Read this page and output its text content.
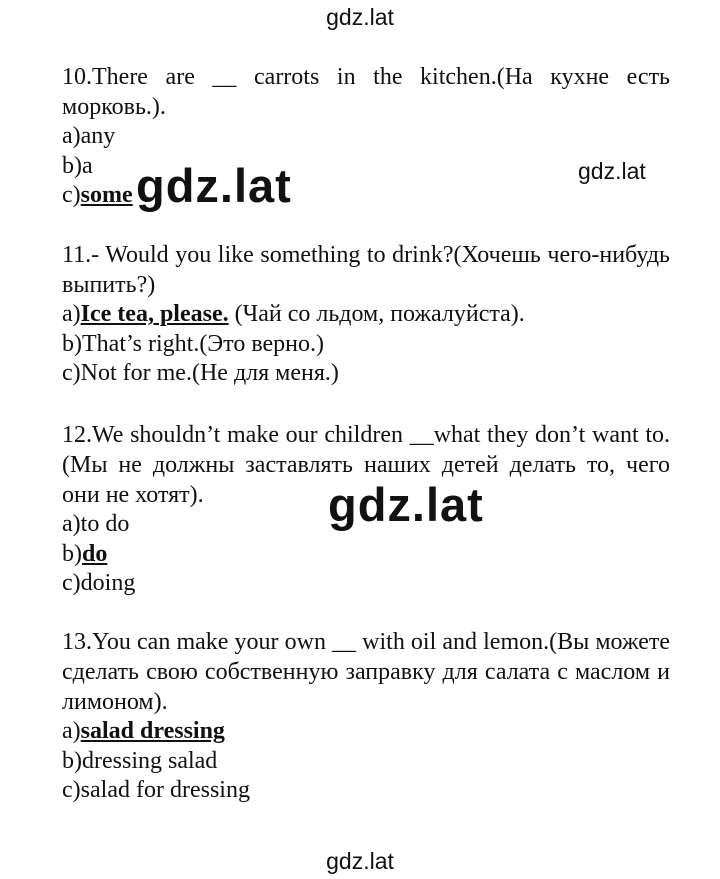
gdz.lat

10.There are __ carrots in the kitchen.(На кухне есть морковь.).

a)any

b)a

c)some

gdz.lat
gdz.lat

11.- Would you like something to drink?(Хочешь чего-нибудь выпить?)

a)Ice tea, please. (Чай со льдом, пожалуйста).

b)That’s right.(Это верно.)

c)Not for me.(Не для меня.)

12.We shouldn’t make our children __what they don’t want to.(Мы не должны заставлять наших детей делать то, чего они не хотят).

a)to do

b)do

c)doing

gdz.lat

13.You can make your own __ with oil and lemon.(Вы можете сделать свою собственную заправку для салата с маслом и лимоном).

a)salad dressing

b)dressing salad

c)salad for dressing

gdz.lat
